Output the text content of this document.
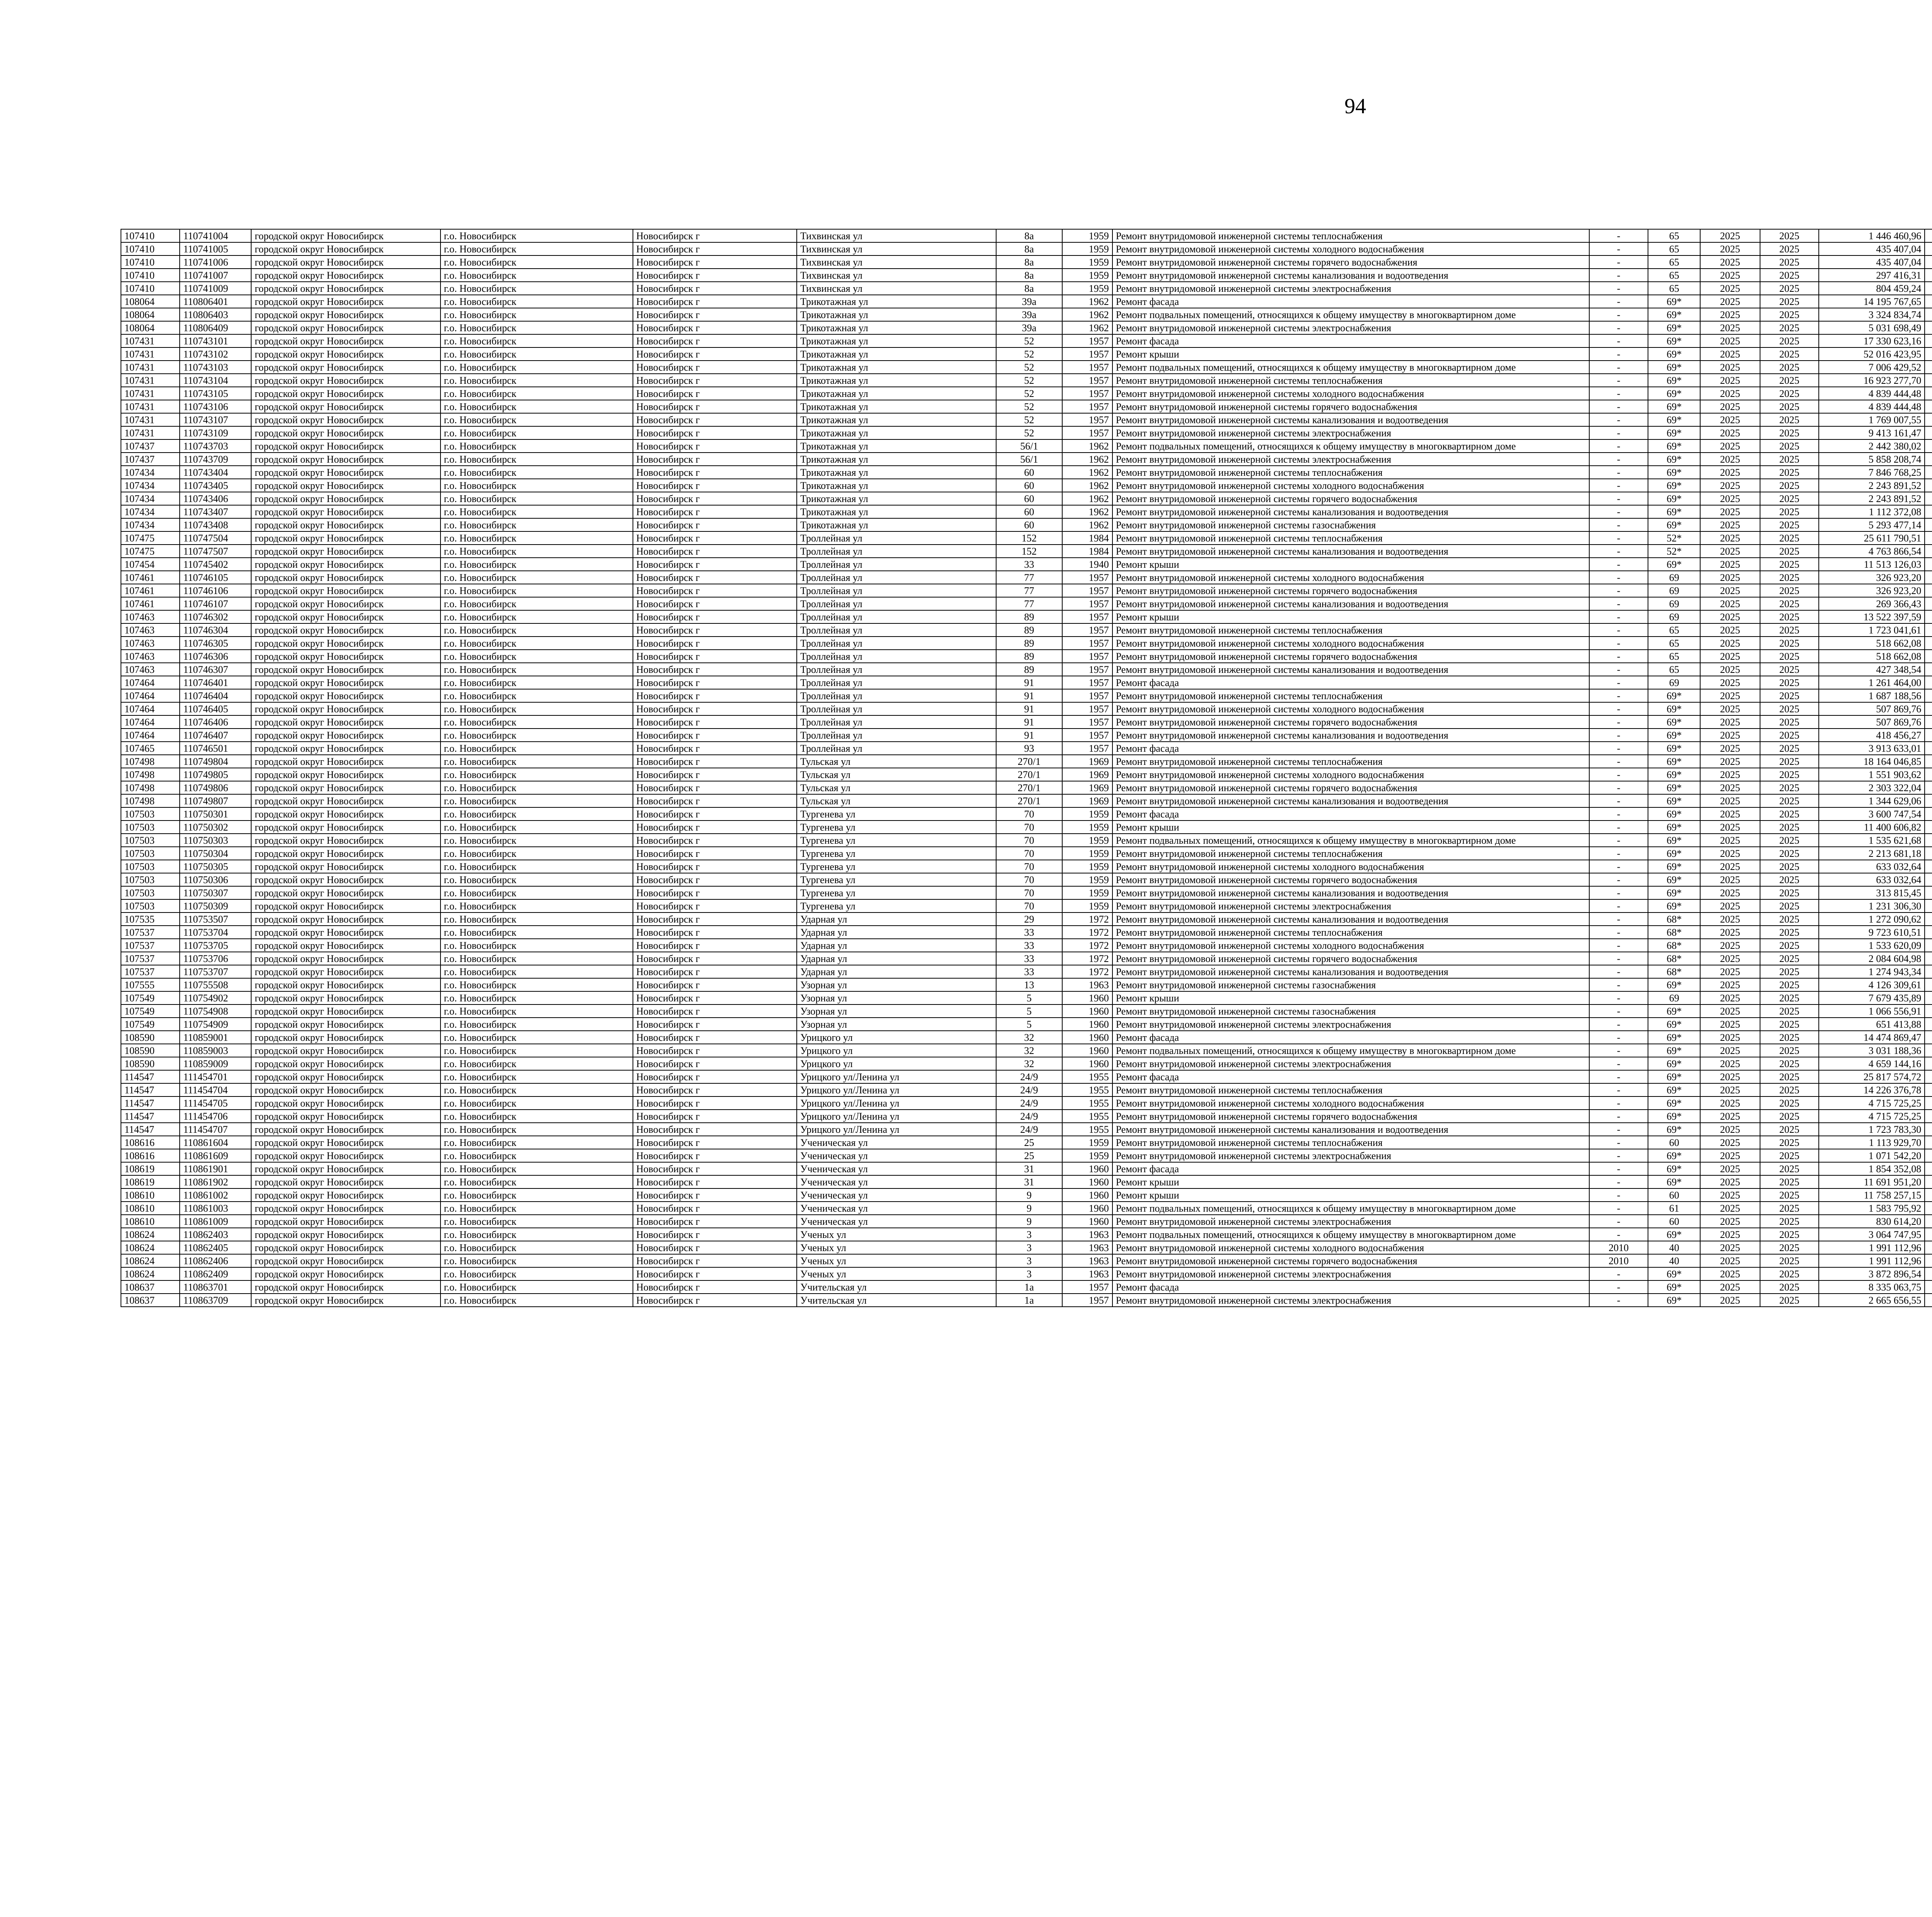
94
107410	110741004	городской округ Новосибирск	г.о. Новосибирск	Новосибирск г	Тихвинская ул	8а	1959	Ремонт внутридомовой инженерной системы теплоснабжения	-	65	2025	2025	1 446 460,96							
107410	110741005	городской округ Новосибирск	г.о. Новосибирск	Новосибирск г	Тихвинская ул	8а	1959	Ремонт внутридомовой инженерной системы холодного водоснабжения	-	65	2025	2025	435 407,04							
107410	110741006	городской округ Новосибирск	г.о. Новосибирск	Новосибирск г	Тихвинская ул	8а	1959	Ремонт внутридомовой инженерной системы горячего водоснабжения	-	65	2025	2025	435 407,04							
107410	110741007	городской округ Новосибирск	г.о. Новосибирск	Новосибирск г	Тихвинская ул	8а	1959	Ремонт внутридомовой инженерной системы канализования и водоотведения	-	65	2025	2025	297 416,31							
107410	110741009	городской округ Новосибирск	г.о. Новосибирск	Новосибирск г	Тихвинская ул	8а	1959	Ремонт внутридомовой инженерной системы электроснабжения	-	65	2025	2025	804 459,24							
108064	110806401	городской округ Новосибирск	г.о. Новосибирск	Новосибирск г	Трикотажная ул	39а	1962	Ремонт фасада	-	69*	2025	2025	14 195 767,65							
108064	110806403	городской округ Новосибирск	г.о. Новосибирск	Новосибирск г	Трикотажная ул	39а	1962	Ремонт подвальных помещений, относящихся к общему имуществу в многоквартирном доме	-	69*	2025	2025	3 324 834,74							
108064	110806409	городской округ Новосибирск	г.о. Новосибирск	Новосибирск г	Трикотажная ул	39а	1962	Ремонт внутридомовой инженерной системы электроснабжения	-	69*	2025	2025	5 031 698,49							
107431	110743101	городской округ Новосибирск	г.о. Новосибирск	Новосибирск г	Трикотажная ул	52	1957	Ремонт фасада	-	69*	2025	2025	17 330 623,16							
107431	110743102	городской округ Новосибирск	г.о. Новосибирск	Новосибирск г	Трикотажная ул	52	1957	Ремонт крыши	-	69*	2025	2025	52 016 423,95							
107431	110743103	городской округ Новосибирск	г.о. Новосибирск	Новосибирск г	Трикотажная ул	52	1957	Ремонт подвальных помещений, относящихся к общему имуществу в многоквартирном доме	-	69*	2025	2025	7 006 429,52							
107431	110743104	городской округ Новосибирск	г.о. Новосибирск	Новосибирск г	Трикотажная ул	52	1957	Ремонт внутридомовой инженерной системы теплоснабжения	-	69*	2025	2025	16 923 277,70							
107431	110743105	городской округ Новосибирск	г.о. Новосибирск	Новосибирск г	Трикотажная ул	52	1957	Ремонт внутридомовой инженерной системы холодного водоснабжения	-	69*	2025	2025	4 839 444,48							
107431	110743106	городской округ Новосибирск	г.о. Новосибирск	Новосибирск г	Трикотажная ул	52	1957	Ремонт внутридомовой инженерной системы горячего водоснабжения	-	69*	2025	2025	4 839 444,48							
107431	110743107	городской округ Новосибирск	г.о. Новосибирск	Новосибирск г	Трикотажная ул	52	1957	Ремонт внутридомовой инженерной системы канализования и водоотведения	-	69*	2025	2025	1 769 007,55							
107431	110743109	городской округ Новосибирск	г.о. Новосибирск	Новосибирск г	Трикотажная ул	52	1957	Ремонт внутридомовой инженерной системы электроснабжения	-	69*	2025	2025	9 413 161,47							
107437	110743703	городской округ Новосибирск	г.о. Новосибирск	Новосибирск г	Трикотажная ул	56/1	1962	Ремонт подвальных помещений, относящихся к общему имуществу в многоквартирном доме	-	69*	2025	2025	2 442 380,02							
107437	110743709	городской округ Новосибирск	г.о. Новосибирск	Новосибирск г	Трикотажная ул	56/1	1962	Ремонт внутридомовой инженерной системы электроснабжения	-	69*	2025	2025	5 858 208,74							
107434	110743404	городской округ Новосибирск	г.о. Новосибирск	Новосибирск г	Трикотажная ул	60	1962	Ремонт внутридомовой инженерной системы теплоснабжения	-	69*	2025	2025	7 846 768,25							
107434	110743405	городской округ Новосибирск	г.о. Новосибирск	Новосибирск г	Трикотажная ул	60	1962	Ремонт внутридомовой инженерной системы холодного водоснабжения	-	69*	2025	2025	2 243 891,52							
107434	110743406	городской округ Новосибирск	г.о. Новосибирск	Новосибирск г	Трикотажная ул	60	1962	Ремонт внутридомовой инженерной системы горячего водоснабжения	-	69*	2025	2025	2 243 891,52							
107434	110743407	городской округ Новосибирск	г.о. Новосибирск	Новосибирск г	Трикотажная ул	60	1962	Ремонт внутридомовой инженерной системы канализования и водоотведения	-	69*	2025	2025	1 112 372,08							
107434	110743408	городской округ Новосибирск	г.о. Новосибирск	Новосибирск г	Трикотажная ул	60	1962	Ремонт внутридомовой инженерной системы газоснабжения	-	69*	2025	2025	5 293 477,14							
107475	110747504	городской округ Новосибирск	г.о. Новосибирск	Новосибирск г	Троллейная ул	152	1984	Ремонт внутридомовой инженерной системы теплоснабжения	-	52*	2025	2025	25 611 790,51							
107475	110747507	городской округ Новосибирск	г.о. Новосибирск	Новосибирск г	Троллейная ул	152	1984	Ремонт внутридомовой инженерной системы канализования и водоотведения	-	52*	2025	2025	4 763 866,54							
107454	110745402	городской округ Новосибирск	г.о. Новосибирск	Новосибирск г	Троллейная ул	33	1940	Ремонт крыши	-	69*	2025	2025	11 513 126,03							
107461	110746105	городской округ Новосибирск	г.о. Новосибирск	Новосибирск г	Троллейная ул	77	1957	Ремонт внутридомовой инженерной системы холодного водоснабжения	-	69	2025	2025	326 923,20							
107461	110746106	городской округ Новосибирск	г.о. Новосибирск	Новосибирск г	Троллейная ул	77	1957	Ремонт внутридомовой инженерной системы горячего водоснабжения	-	69	2025	2025	326 923,20							
107461	110746107	городской округ Новосибирск	г.о. Новосибирск	Новосибирск г	Троллейная ул	77	1957	Ремонт внутридомовой инженерной системы канализования и водоотведения	-	69	2025	2025	269 366,43							
107463	110746302	городской округ Новосибирск	г.о. Новосибирск	Новосибирск г	Троллейная ул	89	1957	Ремонт крыши	-	69	2025	2025	13 522 397,59							
107463	110746304	городской округ Новосибирск	г.о. Новосибирск	Новосибирск г	Троллейная ул	89	1957	Ремонт внутридомовой инженерной системы теплоснабжения	-	65	2025	2025	1 723 041,61							
107463	110746305	городской округ Новосибирск	г.о. Новосибирск	Новосибирск г	Троллейная ул	89	1957	Ремонт внутридомовой инженерной системы холодного водоснабжения	-	65	2025	2025	518 662,08							
107463	110746306	городской округ Новосибирск	г.о. Новосибирск	Новосибирск г	Троллейная ул	89	1957	Ремонт внутридомовой инженерной системы горячего водоснабжения	-	65	2025	2025	518 662,08							
107463	110746307	городской округ Новосибирск	г.о. Новосибирск	Новосибирск г	Троллейная ул	89	1957	Ремонт внутридомовой инженерной системы канализования и водоотведения	-	65	2025	2025	427 348,54							
107464	110746401	городской округ Новосибирск	г.о. Новосибирск	Новосибирск г	Троллейная ул	91	1957	Ремонт фасада	-	69	2025	2025	1 261 464,00							
107464	110746404	городской округ Новосибирск	г.о. Новосибирск	Новосибирск г	Троллейная ул	91	1957	Ремонт внутридомовой инженерной системы теплоснабжения	-	69*	2025	2025	1 687 188,56							
107464	110746405	городской округ Новосибирск	г.о. Новосибирск	Новосибирск г	Троллейная ул	91	1957	Ремонт внутридомовой инженерной системы холодного водоснабжения	-	69*	2025	2025	507 869,76							
107464	110746406	городской округ Новосибирск	г.о. Новосибирск	Новосибирск г	Троллейная ул	91	1957	Ремонт внутридомовой инженерной системы горячего водоснабжения	-	69*	2025	2025	507 869,76							
107464	110746407	городской округ Новосибирск	г.о. Новосибирск	Новосибирск г	Троллейная ул	91	1957	Ремонт внутридомовой инженерной системы канализования и водоотведения	-	69*	2025	2025	418 456,27							
107465	110746501	городской округ Новосибирск	г.о. Новосибирск	Новосибирск г	Троллейная ул	93	1957	Ремонт фасада	-	69*	2025	2025	3 913 633,01							
107498	110749804	городской округ Новосибирск	г.о. Новосибирск	Новосибирск г	Тульская ул	270/1	1969	Ремонт внутридомовой инженерной системы теплоснабжения	-	69*	2025	2025	18 164 046,85							
107498	110749805	городской округ Новосибирск	г.о. Новосибирск	Новосибирск г	Тульская ул	270/1	1969	Ремонт внутридомовой инженерной системы холодного водоснабжения	-	69*	2025	2025	1 551 903,62							
107498	110749806	городской округ Новосибирск	г.о. Новосибирск	Новосибирск г	Тульская ул	270/1	1969	Ремонт внутридомовой инженерной системы горячего водоснабжения	-	69*	2025	2025	2 303 322,04							
107498	110749807	городской округ Новосибирск	г.о. Новосибирск	Новосибирск г	Тульская ул	270/1	1969	Ремонт внутридомовой инженерной системы канализования и водоотведения	-	69*	2025	2025	1 344 629,06							
107503	110750301	городской округ Новосибирск	г.о. Новосибирск	Новосибирск г	Тургенева ул	70	1959	Ремонт фасада	-	69*	2025	2025	3 600 747,54							
107503	110750302	городской округ Новосибирск	г.о. Новосибирск	Новосибирск г	Тургенева ул	70	1959	Ремонт крыши	-	69*	2025	2025	11 400 606,82							
107503	110750303	городской округ Новосибирск	г.о. Новосибирск	Новосибирск г	Тургенева ул	70	1959	Ремонт подвальных помещений, относящихся к общему имуществу в многоквартирном доме	-	69*	2025	2025	1 535 621,68							
107503	110750304	городской округ Новосибирск	г.о. Новосибирск	Новосибирск г	Тургенева ул	70	1959	Ремонт внутридомовой инженерной системы теплоснабжения	-	69*	2025	2025	2 213 681,18							
107503	110750305	городской округ Новосибирск	г.о. Новосибирск	Новосибирск г	Тургенева ул	70	1959	Ремонт внутридомовой инженерной системы холодного водоснабжения	-	69*	2025	2025	633 032,64							
107503	110750306	городской округ Новосибирск	г.о. Новосибирск	Новосибирск г	Тургенева ул	70	1959	Ремонт внутридомовой инженерной системы горячего водоснабжения	-	69*	2025	2025	633 032,64							
107503	110750307	городской округ Новосибирск	г.о. Новосибирск	Новосибирск г	Тургенева ул	70	1959	Ремонт внутридомовой инженерной системы канализования и водоотведения	-	69*	2025	2025	313 815,45							
107503	110750309	городской округ Новосибирск	г.о. Новосибирск	Новосибирск г	Тургенева ул	70	1959	Ремонт внутридомовой инженерной системы электроснабжения	-	69*	2025	2025	1 231 306,30							
107535	110753507	городской округ Новосибирск	г.о. Новосибирск	Новосибирск г	Ударная ул	29	1972	Ремонт внутридомовой инженерной системы канализования и водоотведения	-	68*	2025	2025	1 272 090,62							
107537	110753704	городской округ Новосибирск	г.о. Новосибирск	Новосибирск г	Ударная ул	33	1972	Ремонт внутридомовой инженерной системы теплоснабжения	-	68*	2025	2025	9 723 610,51							
107537	110753705	городской округ Новосибирск	г.о. Новосибирск	Новосибирск г	Ударная ул	33	1972	Ремонт внутридомовой инженерной системы холодного водоснабжения	-	68*	2025	2025	1 533 620,09							
107537	110753706	городской округ Новосибирск	г.о. Новосибирск	Новосибирск г	Ударная ул	33	1972	Ремонт внутридомовой инженерной системы горячего водоснабжения	-	68*	2025	2025	2 084 604,98							
107537	110753707	городской округ Новосибирск	г.о. Новосибирск	Новосибирск г	Ударная ул	33	1972	Ремонт внутридомовой инженерной системы канализования и водоотведения	-	68*	2025	2025	1 274 943,34							
107555	110755508	городской округ Новосибирск	г.о. Новосибирск	Новосибирск г	Узорная ул	13	1963	Ремонт внутридомовой инженерной системы газоснабжения	-	69*	2025	2025	4 126 309,61							
107549	110754902	городской округ Новосибирск	г.о. Новосибирск	Новосибирск г	Узорная ул	5	1960	Ремонт крыши	-	69	2025	2025	7 679 435,89							
107549	110754908	городской округ Новосибирск	г.о. Новосибирск	Новосибирск г	Узорная ул	5	1960	Ремонт внутридомовой инженерной системы газоснабжения	-	69*	2025	2025	1 066 556,91							
107549	110754909	городской округ Новосибирск	г.о. Новосибирск	Новосибирск г	Узорная ул	5	1960	Ремонт внутридомовой инженерной системы электроснабжения	-	69*	2025	2025	651 413,88							
108590	110859001	городской округ Новосибирск	г.о. Новосибирск	Новосибирск г	Урицкого ул	32	1960	Ремонт фасада	-	69*	2025	2025	14 474 869,47							
108590	110859003	городской округ Новосибирск	г.о. Новосибирск	Новосибирск г	Урицкого ул	32	1960	Ремонт подвальных помещений, относящихся к общему имуществу в многоквартирном доме	-	69*	2025	2025	3 031 188,36							
108590	110859009	городской округ Новосибирск	г.о. Новосибирск	Новосибирск г	Урицкого ул	32	1960	Ремонт внутридомовой инженерной системы электроснабжения	-	69*	2025	2025	4 659 144,16							
114547	111454701	городской округ Новосибирск	г.о. Новосибирск	Новосибирск г	Урицкого ул/Ленина ул	24/9	1955	Ремонт фасада	-	69*	2025	2025	25 817 574,72							
114547	111454704	городской округ Новосибирск	г.о. Новосибирск	Новосибирск г	Урицкого ул/Ленина ул	24/9	1955	Ремонт внутридомовой инженерной системы теплоснабжения	-	69*	2025	2025	14 226 376,78							
114547	111454705	городской округ Новосибирск	г.о. Новосибирск	Новосибирск г	Урицкого ул/Ленина ул	24/9	1955	Ремонт внутридомовой инженерной системы холодного водоснабжения	-	69*	2025	2025	4 715 725,25							
114547	111454706	городской округ Новосибирск	г.о. Новосибирск	Новосибирск г	Урицкого ул/Ленина ул	24/9	1955	Ремонт внутридомовой инженерной системы горячего водоснабжения	-	69*	2025	2025	4 715 725,25							
114547	111454707	городской округ Новосибирск	г.о. Новосибирск	Новосибирск г	Урицкого ул/Ленина ул	24/9	1955	Ремонт внутридомовой инженерной системы канализования и водоотведения	-	69*	2025	2025	1 723 783,30							
108616	110861604	городской округ Новосибирск	г.о. Новосибирск	Новосибирск г	Ученическая ул	25	1959	Ремонт внутридомовой инженерной системы теплоснабжения	-	60	2025	2025	1 113 929,70							
108616	110861609	городской округ Новосибирск	г.о. Новосибирск	Новосибирск г	Ученическая ул	25	1959	Ремонт внутридомовой инженерной системы электроснабжения	-	69*	2025	2025	1 071 542,20							
108619	110861901	городской округ Новосибирск	г.о. Новосибирск	Новосибирск г	Ученическая ул	31	1960	Ремонт фасада	-	69*	2025	2025	1 854 352,08							
108619	110861902	городской округ Новосибирск	г.о. Новосибирск	Новосибирск г	Ученическая ул	31	1960	Ремонт крыши	-	69*	2025	2025	11 691 951,20							
108610	110861002	городской округ Новосибирск	г.о. Новосибирск	Новосибирск г	Ученическая ул	9	1960	Ремонт крыши	-	60	2025	2025	11 758 257,15							
108610	110861003	городской округ Новосибирск	г.о. Новосибирск	Новосибирск г	Ученическая ул	9	1960	Ремонт подвальных помещений, относящихся к общему имуществу в многоквартирном доме	-	61	2025	2025	1 583 795,92							
108610	110861009	городской округ Новосибирск	г.о. Новосибирск	Новосибирск г	Ученическая ул	9	1960	Ремонт внутридомовой инженерной системы электроснабжения	-	60	2025	2025	830 614,20							
108624	110862403	городской округ Новосибирск	г.о. Новосибирск	Новосибирск г	Ученых ул	3	1963	Ремонт подвальных помещений, относящихся к общему имуществу в многоквартирном доме	-	69*	2025	2025	3 064 747,95							
108624	110862405	городской округ Новосибирск	г.о. Новосибирск	Новосибирск г	Ученых ул	3	1963	Ремонт внутридомовой инженерной системы холодного водоснабжения	2010	40	2025	2025	1 991 112,96							
108624	110862406	городской округ Новосибирск	г.о. Новосибирск	Новосибирск г	Ученых ул	3	1963	Ремонт внутридомовой инженерной системы горячего водоснабжения	2010	40	2025	2025	1 991 112,96							
108624	110862409	городской округ Новосибирск	г.о. Новосибирск	Новосибирск г	Ученых ул	3	1963	Ремонт внутридомовой инженерной системы электроснабжения	-	69*	2025	2025	3 872 896,54							
108637	110863701	городской округ Новосибирск	г.о. Новосибирск	Новосибирск г	Учительская ул	1а	1957	Ремонт фасада	-	69*	2025	2025	8 335 063,75							
108637	110863709	городской округ Новосибирск	г.о. Новосибирск	Новосибирск г	Учительская ул	1а	1957	Ремонт внутридомовой инженерной системы электроснабжения	-	69*	2025	2025	2 665 656,55							
